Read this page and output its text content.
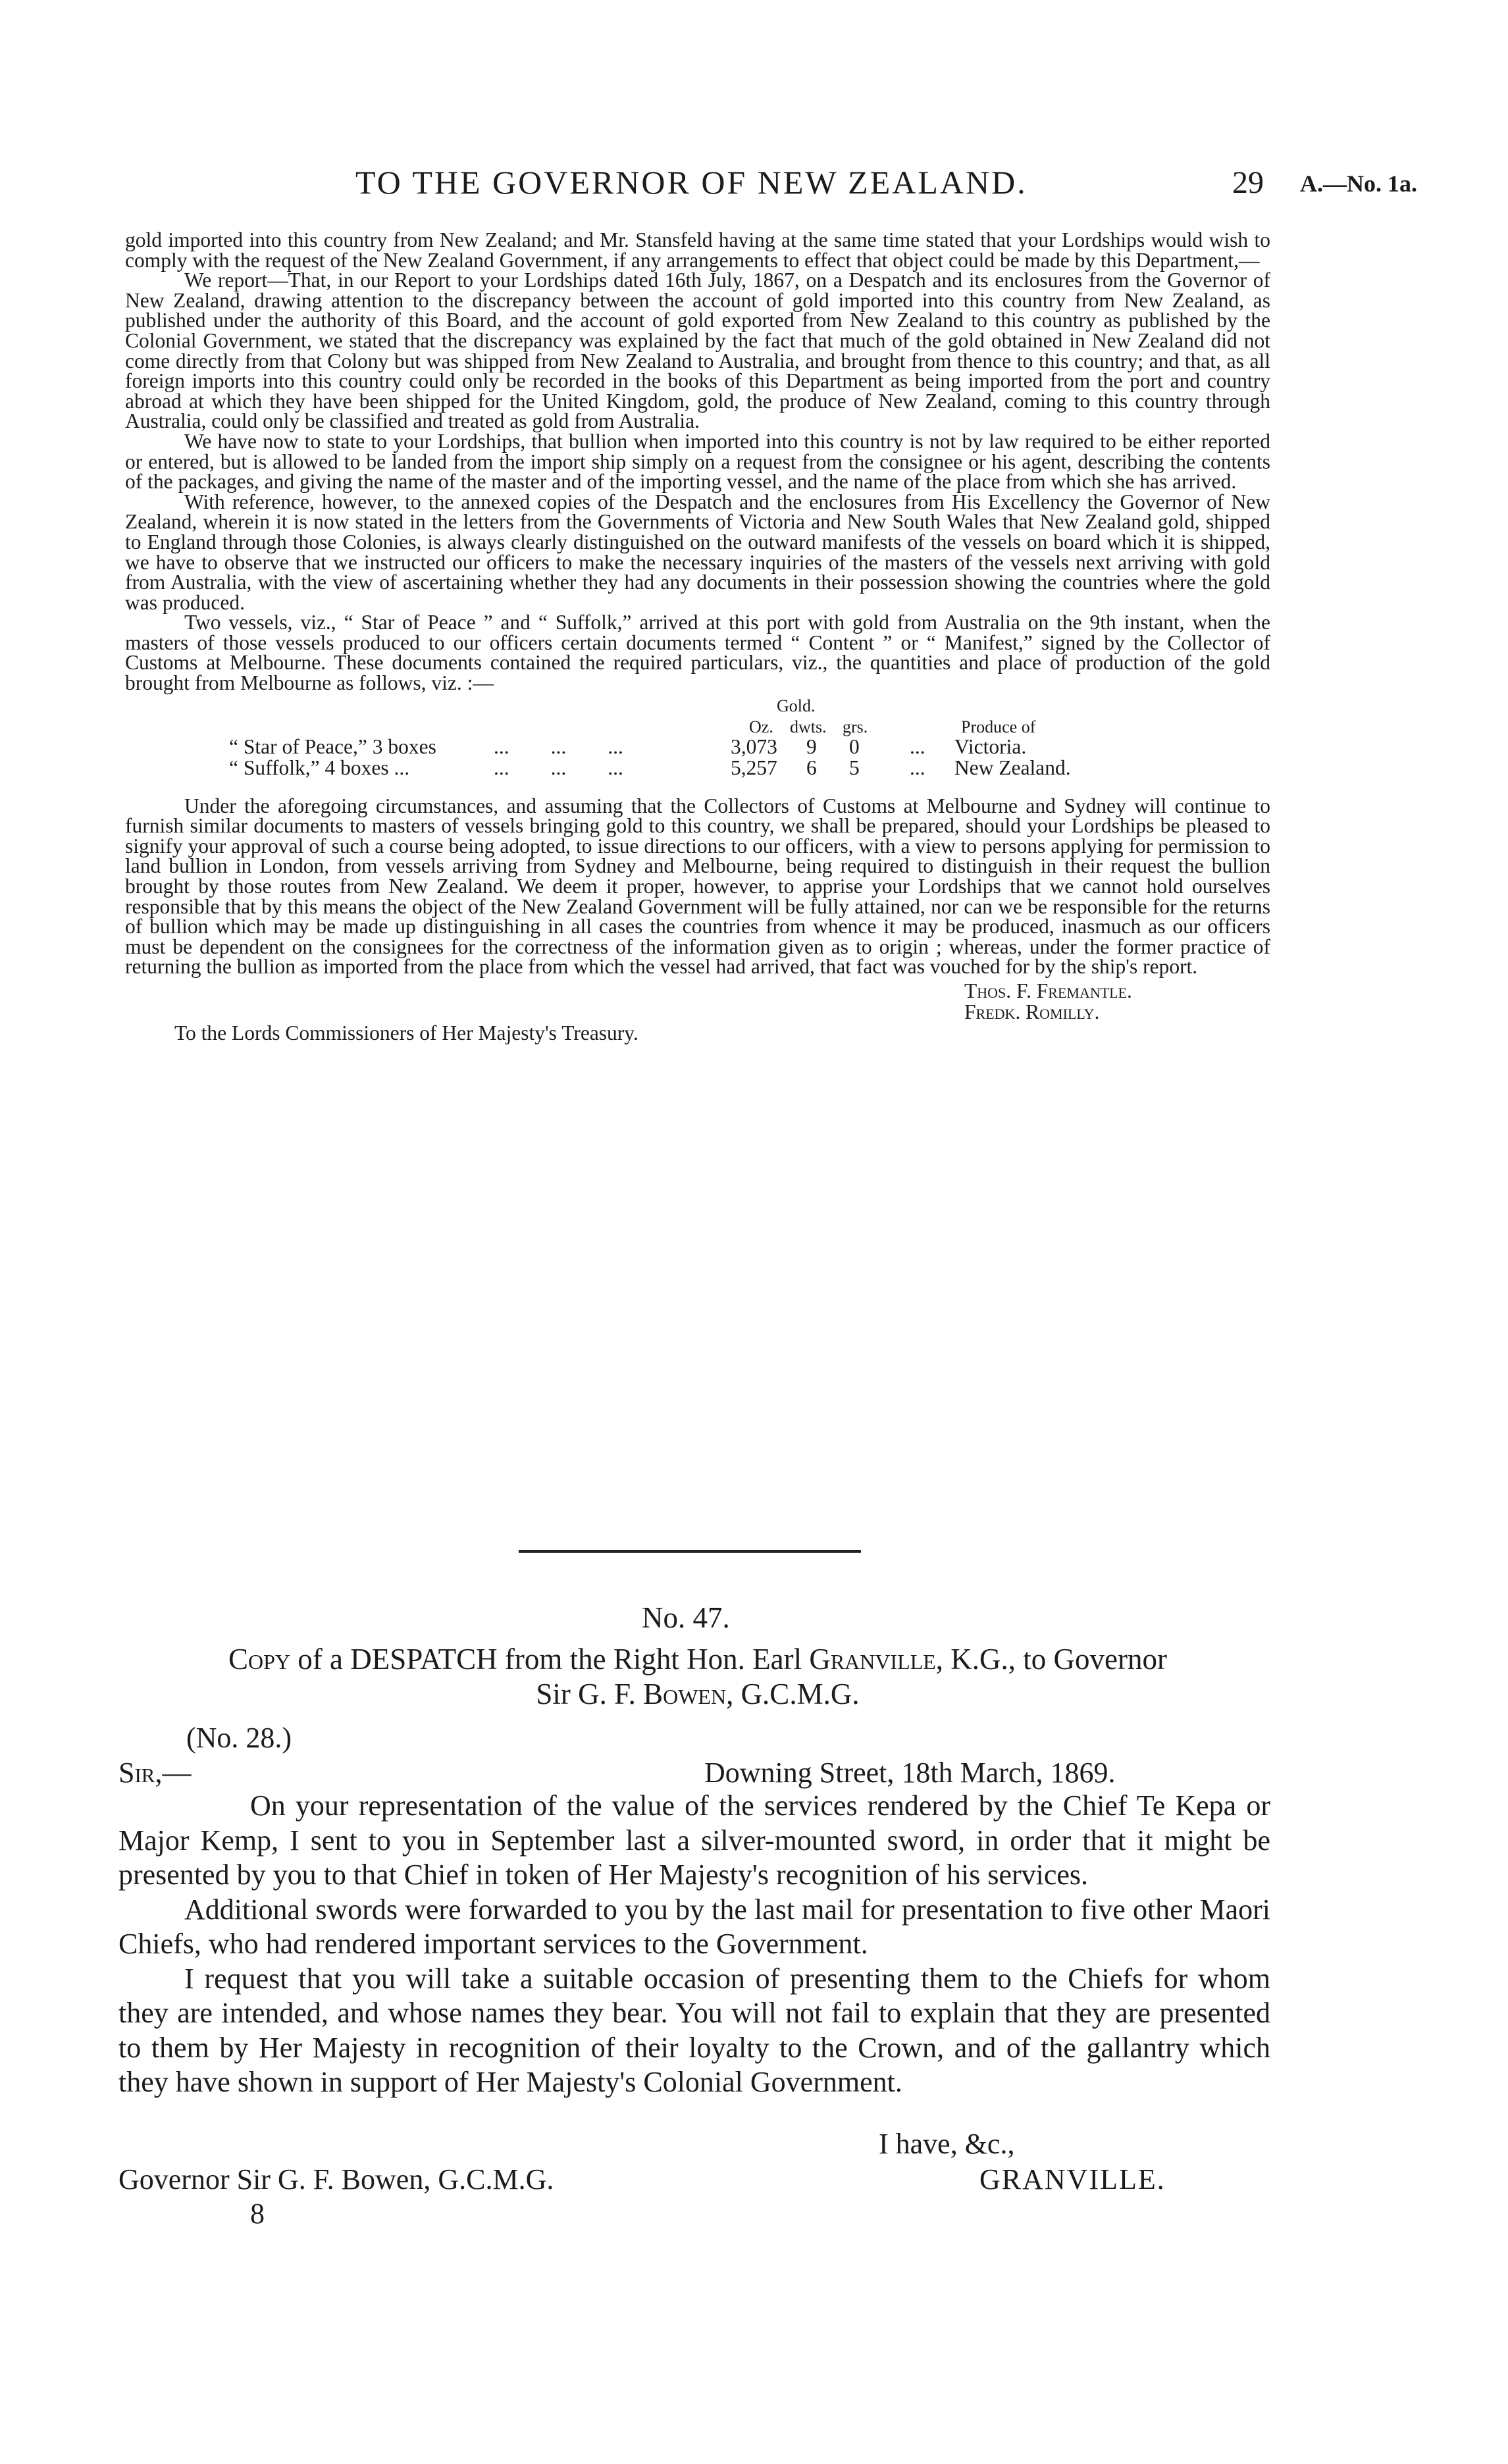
TO THE GOVERNOR OF NEW ZEALAND.	29 A.—No. 1a.

gold imported into this country from New Zealand; and Mr. Stansfeld having at the same time stated that your Lordships would wish to comply with the request of the New Zealand Government, if any arrangements to effect that object could be made by this Department,—

We report—That, in our Report to your Lordships dated 16th July, 1867, on a Despatch and its enclosures from the Governor of New Zealand, drawing attention to the discrepancy between the account of gold imported into this country from New Zealand, as published under the authority of this Board, and the account of gold exported from New Zealand to this country as published by the Colonial Government, we stated that the discrepancy was explained by the fact that much of the gold obtained in New Zealand did not come directly from that Colony but was shipped from New Zealand to Australia, and brought from thence to this country; and that, as all foreign imports into this country could only be recorded in the books of this Department as being imported from the port and country abroad at which they have been shipped for the United Kingdom, gold, the produce of New Zealand, coming to this country through Australia, could only be classified and treated as gold from Australia.

We have now to state to your Lordships, that bullion when imported into this country is not by law required to be either reported or entered, but is allowed to be landed from the import ship simply on a request from the consignee or his agent, describing the contents of the packages, and giving the name of the master and of the importing vessel, and the name of the place from which she has arrived.

With reference, however, to the annexed copies of the Despatch and the enclosures from His Excellency the Governor of New Zealand, wherein it is now stated in the letters from the Governments of Victoria and New South Wales that New Zealand gold, shipped to England through those Colonies, is always clearly distinguished on the outward manifests of the vessels on board which it is shipped, we have to observe that we instructed our officers to make the necessary inquiries of the masters of the vessels next arriving with gold from Australia, with the view of ascertaining whether they had any documents in their possession showing the countries where the gold was produced.

Two vessels, viz., “ Star of Peace ” and “ Suffolk,” arrived at this port with gold from Australia on the 9th instant, when the masters of those vessels produced to our officers certain documents termed “ Content ” or “ Manifest,” signed by the Collector of Customs at Melbourne. These documents contained the required particulars, viz., the quantities and place of production of the gold brought from Melbourne as follows, viz. :—

Gold.
Oz. dwts. grs.	Produce of
“ Star of Peace,” 3 boxes	...        ...        ...	3,073 9 0 ... Victoria.
“ Suffolk,” 4 boxes ...	...        ...        ...	5,257 6 5 ... New Zealand.

Under the aforegoing circumstances, and assuming that the Collectors of Customs at Melbourne and Sydney will continue to furnish similar documents to masters of vessels bringing gold to this country, we shall be prepared, should your Lordships be pleased to signify your approval of such a course being adopted, to issue directions to our officers, with a view to persons applying for permission to land bullion in London, from vessels arriving from Sydney and Melbourne, being required to distinguish in their request the bullion brought by those routes from New Zealand. We deem it proper, however, to apprise your Lordships that we cannot hold ourselves responsible that by this means the object of the New Zealand Government will be fully attained, nor can we be responsible for the returns of bullion which may be made up distinguishing in all cases the countries from whence it may be produced, inasmuch as our officers must be dependent on the consignees for the correctness of the information given as to origin ; whereas, under the former practice of returning the bullion as imported from the place from which the vessel had arrived, that fact was vouched for by the ship's report.

Thos. F. Fremantle.
Fredk. Romilly.
To the Lords Commissioners of Her Majesty's Treasury.
No. 47.
Copy of a DESPATCH from the Right Hon. Earl Granville, K.G., to Governor
Sir G. F. Bowen, G.C.M.G.
(No. 28.)
Sir,—	Downing Street, 18th March, 1869.

On your representation of the value of the services rendered by the Chief Te Kepa or Major Kemp, I sent to you in September last a silver-mounted sword, in order that it might be presented by you to that Chief in token of Her Majesty's recognition of his services.

Additional swords were forwarded to you by the last mail for presentation to five other Maori Chiefs, who had rendered important services to the Government.

I request that you will take a suitable occasion of presenting them to the Chiefs for whom they are intended, and whose names they bear. You will not fail to explain that they are presented to them by Her Majesty in recognition of their loyalty to the Crown, and of the gallantry which they have shown in support of Her Majesty's Colonial Government.

I have, &c.,
GRANVILLE.
Governor Sir G. F. Bowen, G.C.M.G.
8
